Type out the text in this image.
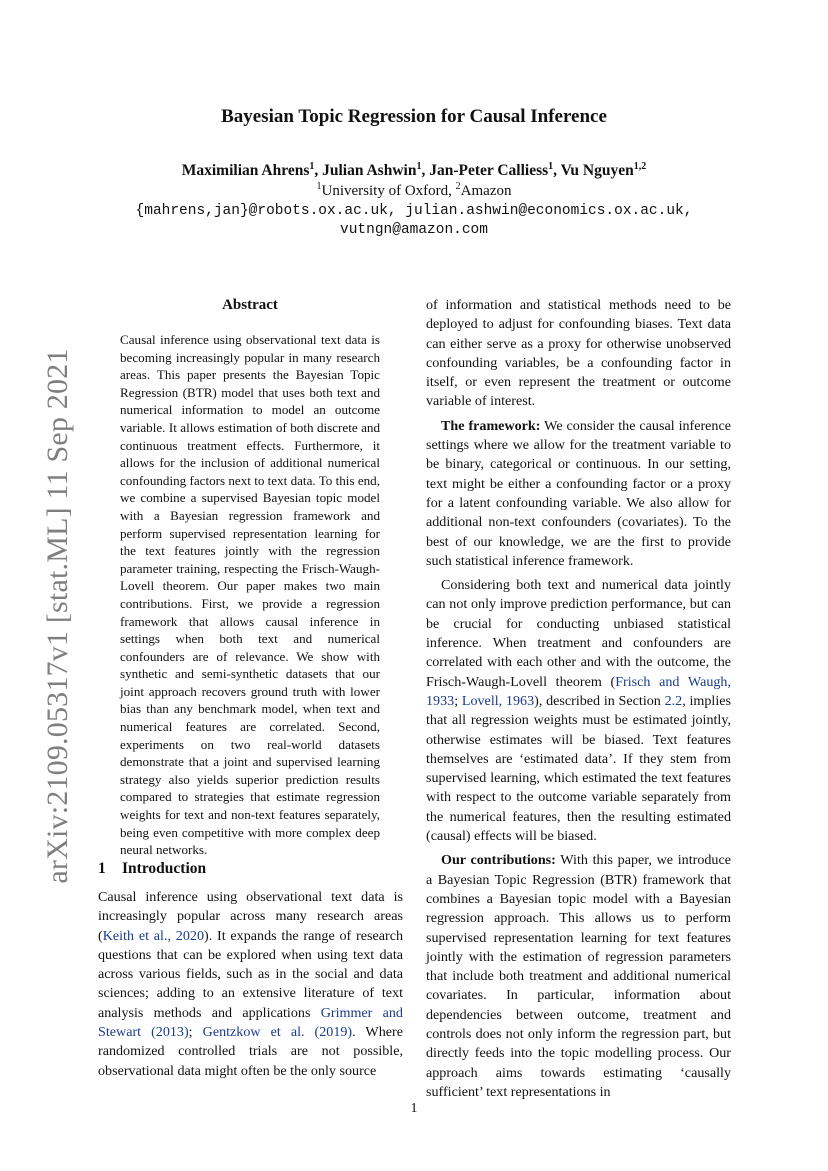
arXiv:2109.05317v1 [stat.ML] 11 Sep 2021
Bayesian Topic Regression for Causal Inference
Maximilian Ahrens$^1$, Julian Ashwin$^1$, Jan-Peter Calliess$^1$, Vu Nguyen$^{1,2}$
$^1$University of Oxford, $^2$Amazon
{mahrens,jan}@robots.ox.ac.uk, julian.ashwin@economics.ox.ac.uk,
vutngn@amazon.com
Abstract

Causal inference using observational text data is becoming increasingly popular in many research areas. This paper presents the Bayesian Topic Regression (BTR) model that uses both text and numerical information to model an outcome variable. It allows estimation of both discrete and continuous treatment effects. Furthermore, it allows for the inclusion of additional numerical confounding factors next to text data. To this end, we combine a supervised Bayesian topic model with a Bayesian regression framework and perform supervised representation learning for the text features jointly with the regression parameter training, respecting the Frisch-Waugh-Lovell theorem. Our paper makes two main contributions. First, we provide a regression framework that allows causal inference in settings when both text and numerical confounders are of relevance. We show with synthetic and semi-synthetic datasets that our joint approach recovers ground truth with lower bias than any benchmark model, when text and numerical features are correlated. Second, experiments on two real-world datasets demonstrate that a joint and supervised learning strategy also yields superior prediction results compared to strategies that estimate regression weights for text and non-text features separately, being even competitive with more complex deep neural networks.

1 Introduction

Causal inference using observational text data is increasingly popular across many research areas (Keith et al., 2020). It expands the range of research questions that can be explored when using text data across various fields, such as in the social and data sciences; adding to an extensive literature of text analysis methods and applications Grimmer and Stewart (2013); Gentzkow et al. (2019). Where randomized controlled trials are not possible, observational data might often be the only source

of information and statistical methods need to be deployed to adjust for confounding biases. Text data can either serve as a proxy for otherwise unobserved confounding variables, be a confounding factor in itself, or even represent the treatment or outcome variable of interest.

The framework: We consider the causal inference settings where we allow for the treatment variable to be binary, categorical or continuous. In our setting, text might be either a confounding factor or a proxy for a latent confounding variable. We also allow for additional non-text confounders (covariates). To the best of our knowledge, we are the first to provide such statistical inference framework.

Considering both text and numerical data jointly can not only improve prediction performance, but can be crucial for conducting unbiased statistical inference. When treatment and confounders are correlated with each other and with the outcome, the Frisch-Waugh-Lovell theorem (Frisch and Waugh, 1933; Lovell, 1963), described in Section 2.2, implies that all regression weights must be estimated jointly, otherwise estimates will be biased. Text features themselves are ‘estimated data’. If they stem from supervised learning, which estimated the text features with respect to the outcome variable separately from the numerical features, then the resulting estimated (causal) effects will be biased.

Our contributions: With this paper, we introduce a Bayesian Topic Regression (BTR) framework that combines a Bayesian topic model with a Bayesian regression approach. This allows us to perform supervised representation learning for text features jointly with the estimation of regression parameters that include both treatment and additional numerical covariates. In particular, information about dependencies between outcome, treatment and controls does not only inform the regression part, but directly feeds into the topic modelling process. Our approach aims towards estimating ‘causally sufficient’ text representations in

1
